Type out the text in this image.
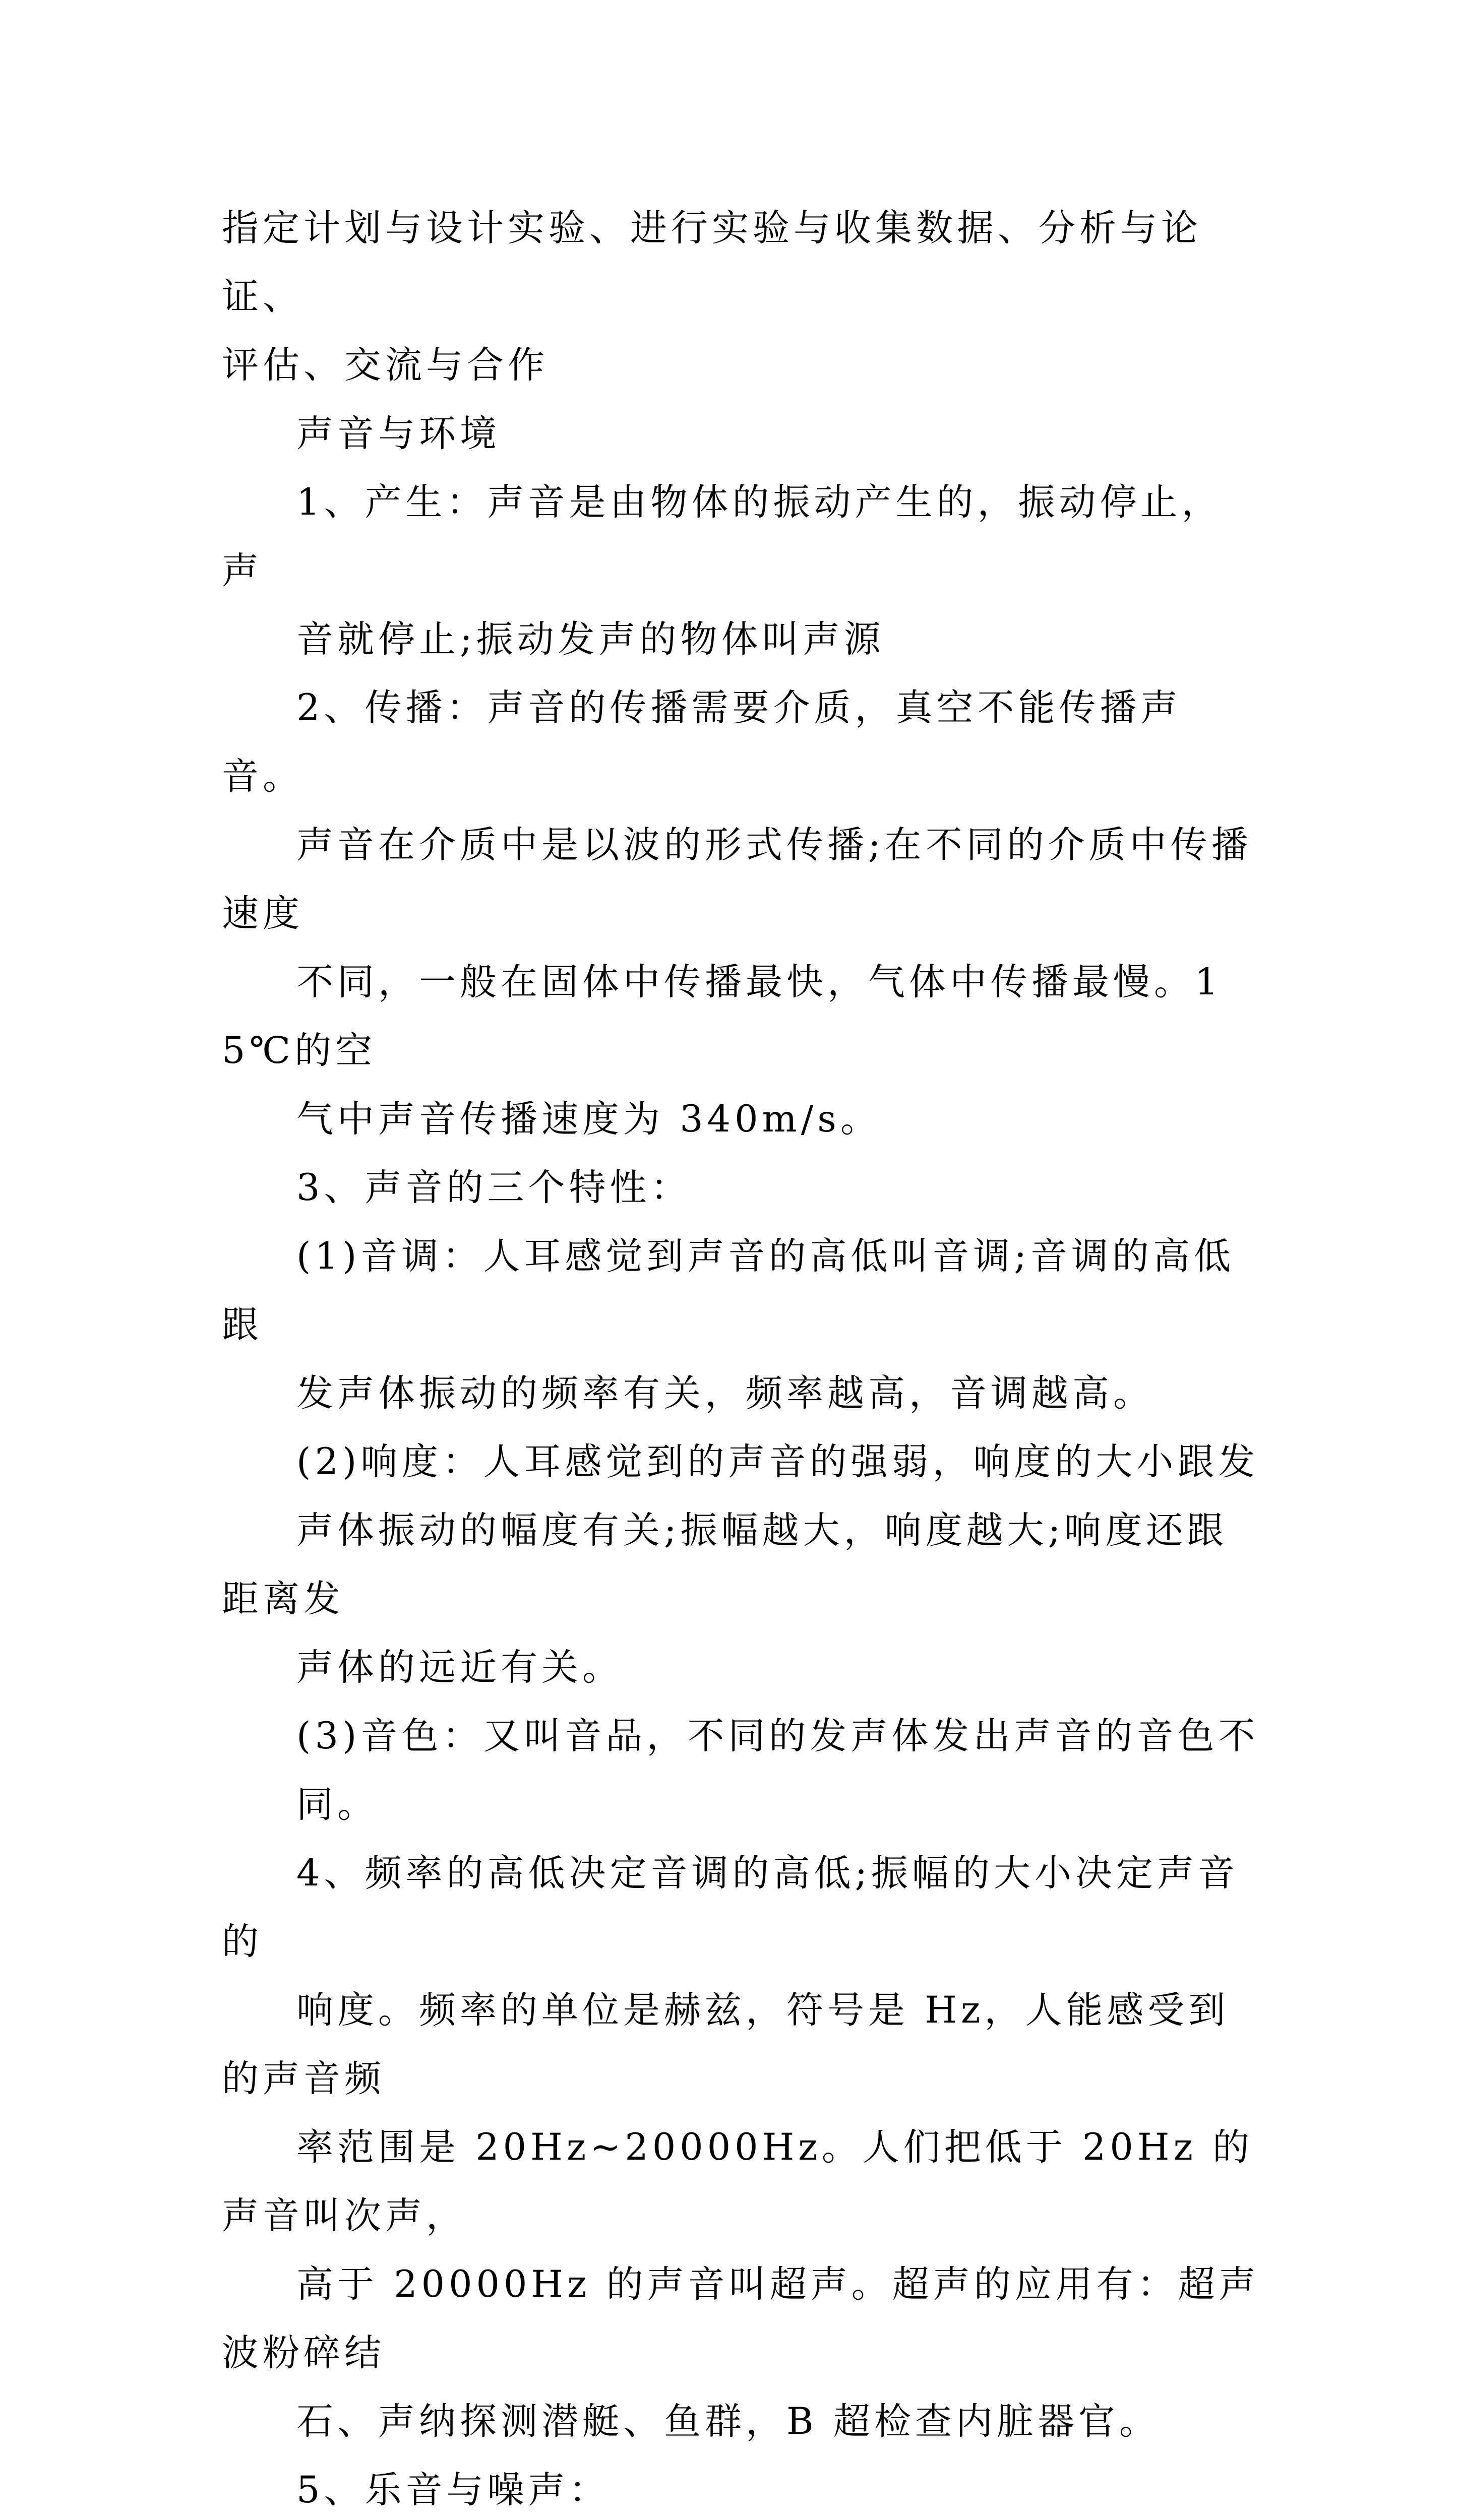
指定计划与设计实验、进行实验与收集数据、分析与论证、
评估、交流与合作

声音与环境

1、产生：声音是由物体的振动产生的，振动停止，声
音就停止;振动发声的物体叫声源

2、传播：声音的传播需要介质，真空不能传播声音。
声音在介质中是以波的形式传播;在不同的介质中传播速度
不同，一般在固体中传播最快，气体中传播最慢。15℃的空
气中声音传播速度为 340m/s。

3、声音的三个特性：

(1)音调：人耳感觉到声音的高低叫音调;音调的高低跟
发声体振动的频率有关，频率越高，音调越高。

(2)响度：人耳感觉到的声音的强弱，响度的大小跟发
声体振动的幅度有关;振幅越大，响度越大;响度还跟距离发
声体的远近有关。

(3)音色：又叫音品，不同的发声体发出声音的音色不
同。

4、频率的高低决定音调的高低;振幅的大小决定声音的
响度。频率的单位是赫兹，符号是 Hz，人能感受到的声音频
率范围是 20Hz~20000Hz。人们把低于 20Hz 的声音叫次声，
高于 20000Hz 的声音叫超声。超声的应用有：超声波粉碎结
石、声纳探测潜艇、鱼群，B 超检查内脏器官。

5、乐音与噪声：
